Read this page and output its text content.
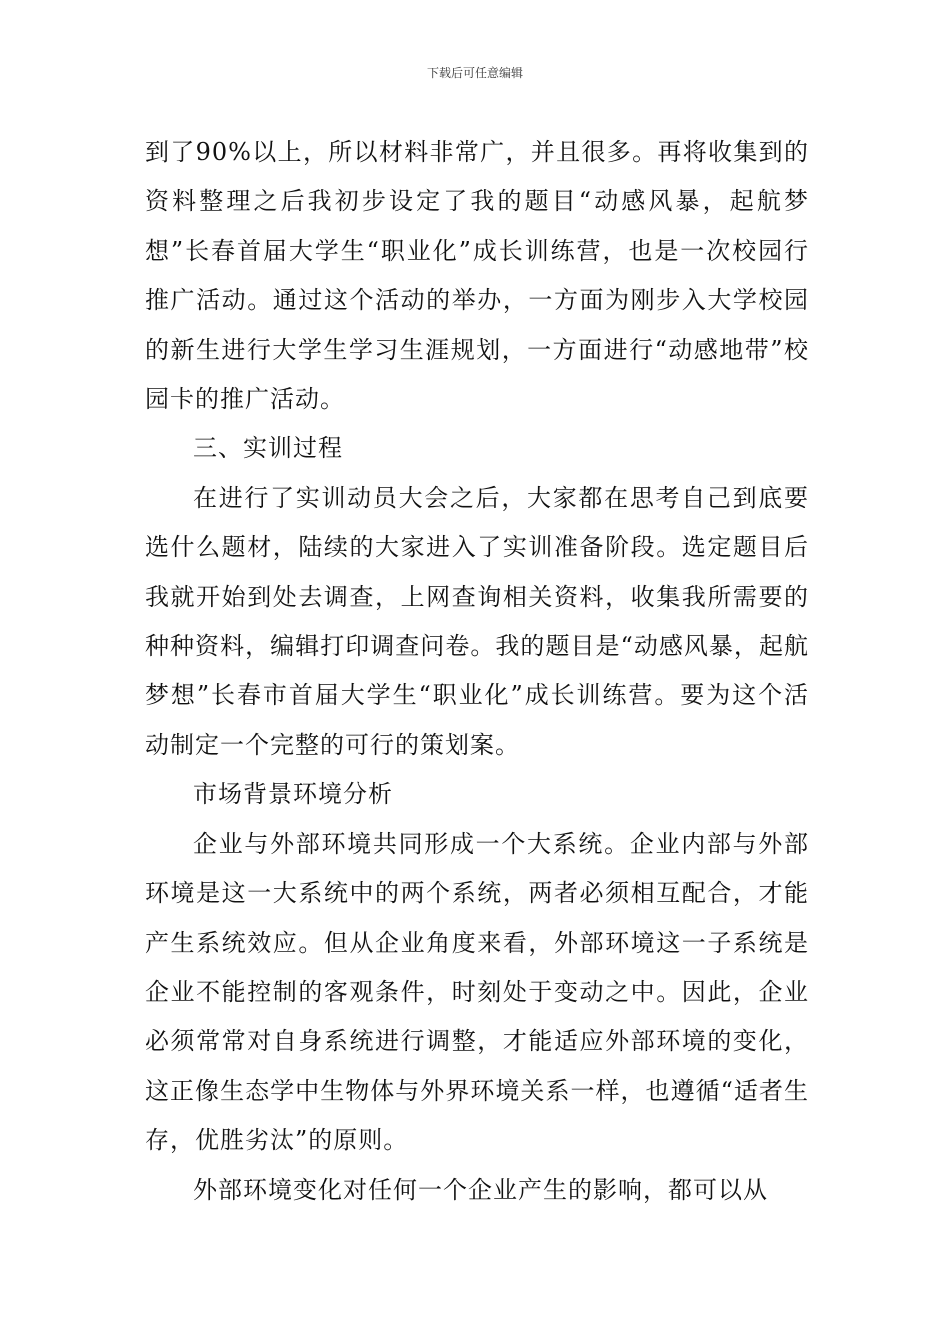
下载后可任意编辑

到了90%以上，所以材料非常广，并且很多。再将收集到的资料整理之后我初步设定了我的题目“动感风暴，起航梦想”长春首届大学生“职业化”成长训练营，也是一次校园行推广活动。通过这个活动的举办，一方面为刚步入大学校园的新生进行大学生学习生涯规划，一方面进行“动感地带”校园卡的推广活动。

三、实训过程

在进行了实训动员大会之后，大家都在思考自己到底要选什么题材，陆续的大家进入了实训准备阶段。选定题目后我就开始到处去调查，上网查询相关资料，收集我所需要的种种资料，编辑打印调查问卷。我的题目是“动感风暴，起航梦想”长春市首届大学生“职业化”成长训练营。要为这个活动制定一个完整的可行的策划案。

市场背景环境分析

企业与外部环境共同形成一个大系统。企业内部与外部环境是这一大系统中的两个系统，两者必须相互配合，才能产生系统效应。但从企业角度来看，外部环境这一子系统是企业不能控制的客观条件，时刻处于变动之中。因此，企业必须常常对自身系统进行调整，才能适应外部环境的变化，这正像生态学中生物体与外界环境关系一样，也遵循“适者生存，优胜劣汰”的原则。

外部环境变化对任何一个企业产生的影响，都可以从
